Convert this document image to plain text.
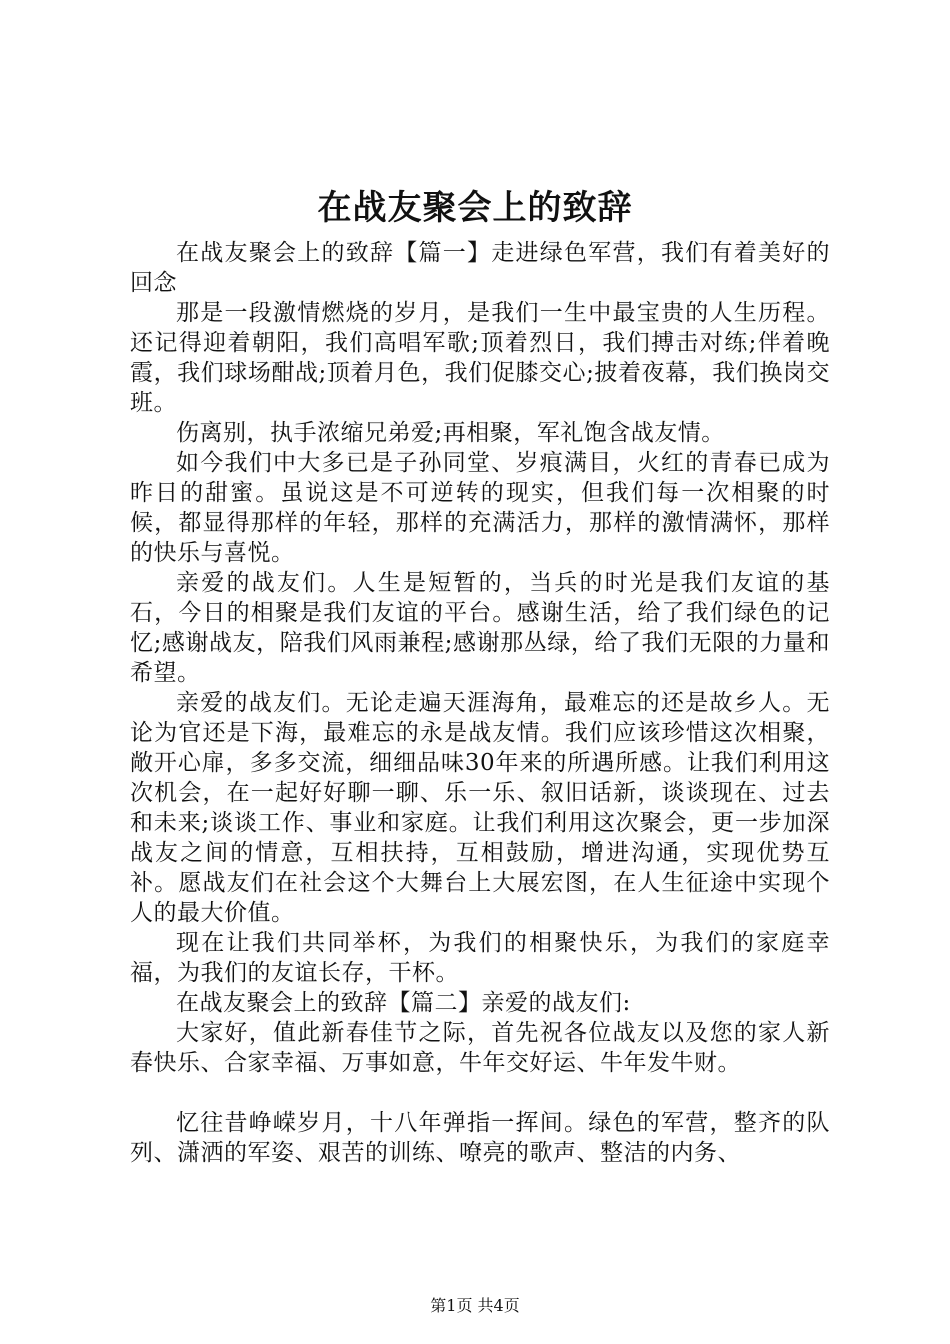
在战友聚会上的致辞

在战友聚会上的致辞【篇一】走进绿色军营，我们有着美好的回念

那是一段激情燃烧的岁月，是我们一生中最宝贵的人生历程。还记得迎着朝阳，我们高唱军歌;顶着烈日，我们搏击对练;伴着晚霞，我们球场酣战;顶着月色，我们促膝交心;披着夜幕，我们换岗交班。

伤离别，执手浓缩兄弟爱;再相聚，军礼饱含战友情。

如今我们中大多已是子孙同堂、岁痕满目，火红的青春已成为昨日的甜蜜。虽说这是不可逆转的现实，但我们每一次相聚的时候，都显得那样的年轻，那样的充满活力，那样的激情满怀，那样的快乐与喜悦。

亲爱的战友们。人生是短暂的，当兵的时光是我们友谊的基石，今日的相聚是我们友谊的平台。感谢生活，给了我们绿色的记忆;感谢战友，陪我们风雨兼程;感谢那丛绿，给了我们无限的力量和希望。

亲爱的战友们。无论走遍天涯海角，最难忘的还是故乡人。无论为官还是下海，最难忘的永是战友情。我们应该珍惜这次相聚，敞开心扉，多多交流，细细品味30年来的所遇所感。让我们利用这次机会，在一起好好聊一聊、乐一乐、叙旧话新，谈谈现在、过去和未来;谈谈工作、事业和家庭。让我们利用这次聚会，更一步加深战友之间的情意，互相扶持，互相鼓励，增进沟通，实现优势互补。愿战友们在社会这个大舞台上大展宏图，在人生征途中实现个人的最大价值。

现在让我们共同举杯，为我们的相聚快乐，为我们的家庭幸福，为我们的友谊长存，干杯。

在战友聚会上的致辞【篇二】亲爱的战友们:

大家好，值此新春佳节之际，首先祝各位战友以及您的家人新春快乐、合家幸福、万事如意，牛年交好运、牛年发牛财。

忆往昔峥嵘岁月，十八年弹指一挥间。绿色的军营，整齐的队列、潇洒的军姿、艰苦的训练、嘹亮的歌声、整洁的内务、

第1页 共4页
